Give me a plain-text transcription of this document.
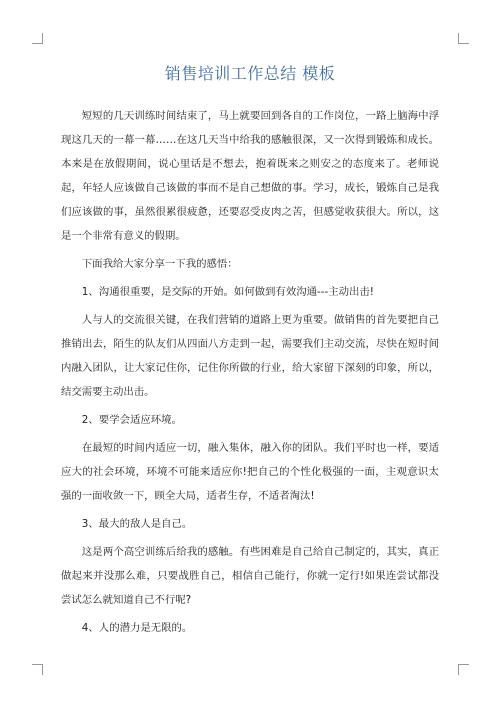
销售培训工作总结 模板

短短的几天训练时间结束了，马上就要回到各自的工作岗位，一路上脑海中浮现这几天的一幕一幕……在这几天当中给我的感触很深，又一次得到锻炼和成长。本来是在放假期间，说心里话是不想去，抱着既来之则安之的态度来了。老师说起，年轻人应该做自己该做的事而不是自己想做的事。学习，成长，锻炼自己是我们应该做的事，虽然很累很疲惫，还要忍受皮肉之苦，但感觉收获很大。所以，这是一个非常有意义的假期。

下面我给大家分享一下我的感悟：

1、沟通很重要，是交际的开始。如何做到有效沟通---主动出击!

人与人的交流很关键，在我们营销的道路上更为重要。做销售的首先要把自己推销出去，陌生的队友们从四面八方走到一起，需要我们主动交流，尽快在短时间内融入团队，让大家记住你，记住你所做的行业，给大家留下深刻的印象，所以，结交需要主动出击。

2、要学会适应环境。

在最短的时间内适应一切，融入集体，融入你的团队。我们平时也一样，要适应大的社会环境，环境不可能来适应你!把自己的个性化极强的一面，主观意识太强的一面收敛一下，顾全大局，适者生存，不适者淘汰!

3、最大的敌人是自己。

这是两个高空训练后给我的感触。有些困难是自己给自己制定的，其实，真正做起来并没那么难，只要战胜自己，相信自己能行，你就一定行!如果连尝试都没尝试怎么就知道自己不行呢?

4、人的潜力是无限的。
